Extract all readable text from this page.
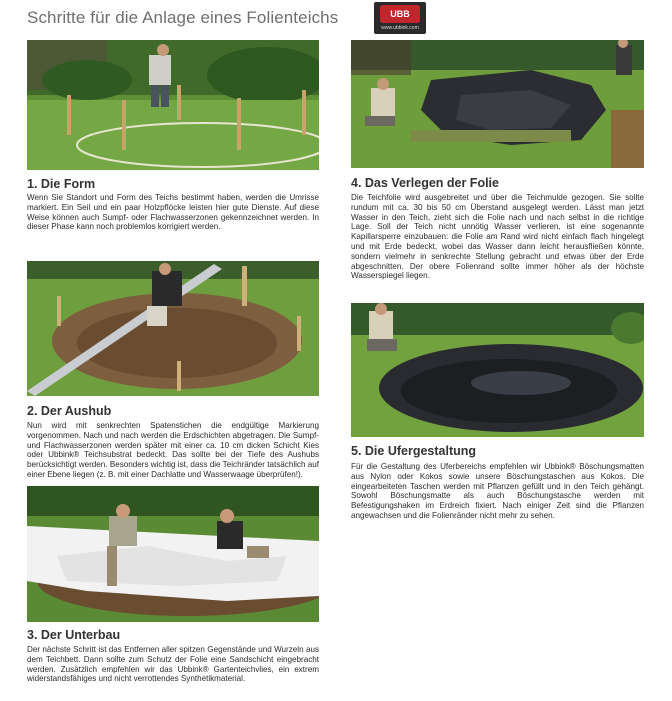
Schritte für die Anlage eines Folienteichs	UBB
www.ubbink.com
1. Die Form

Wenn Sie Standort und Form des Teichs bestimmt haben, werden die Umrisse markiert. Ein Seil und ein paar Holzpflöcke leisten hier gute Dienste. Auf diese Weise können auch Sumpf- oder Flachwasserzonen gekennzeichnet werden. In dieser Phase kann noch problemlos korrigiert werden.

2. Der Aushub

Nun wird mit senkrechten Spatenstichen die endgültige Markierung vorgenommen. Nach und nach werden die Erdschichten abgetragen. Die Sumpf- und Flachwasserzonen werden später mit einer ca. 10 cm dicken Schicht Kies oder Ubbink® Teichsubstrat bedeckt. Das sollte bei der Tiefe des Aushubs berücksichtigt werden. Besonders wichtig ist, dass die Teichränder tatsächlich auf einer Ebene liegen (z. B. mit einer Dachlatte und Wasserwaage überprüfen!).

3. Der Unterbau

Der nächste Schritt ist das Entfernen aller spitzen Gegenstände und Wurzeln aus dem Teichbett. Dann sollte zum Schutz der Folie eine Sandschicht eingebracht werden. Zusätzlich empfehlen wir das Ubbink® Gartenteichvlies, ein extrem widerstandsfähiges und nicht verrottendes Synthetikmaterial.

4. Das Verlegen der Folie

Die Teichfolie wird ausgebreitet und über die Teichmulde gezogen. Sie sollte rundum mit ca. 30 bis 50 cm Überstand ausgelegt werden. Lässt man jetzt Wasser in den Teich, zieht sich die Folie nach und nach selbst in die richtige Lage. Soll der Teich nicht unnötig Wasser verlieren, ist eine sogenannte Kapillarsperre einzubauen: die Folie am Rand wird nicht einfach flach hingelegt und mit Erde bedeckt, wobei das Wasser dann leicht herausfließen könnte, sondern vielmehr in senkrechte Stellung gebracht und etwas über der Erde abgeschnitten. Der obere Folienrand sollte immer höher als der höchste Wasserspiegel liegen.

5. Die Ufergestaltung

Für die Gestaltung des Uferbereichs empfehlen wir Ubbink® Böschungsmatten aus Nylon oder Kokos sowie unsere Böschungstaschen aus Kokos. Die eingearbeiteten Taschen werden mit Pflanzen gefüllt und in den Teich gehängt. Sowohl Böschungsmatte als auch Böschungstasche werden mit Befestigungshaken im Erdreich fixiert. Nach einiger Zeit sind die Pflanzen angewachsen und die Folienränder nicht mehr zu sehen.
